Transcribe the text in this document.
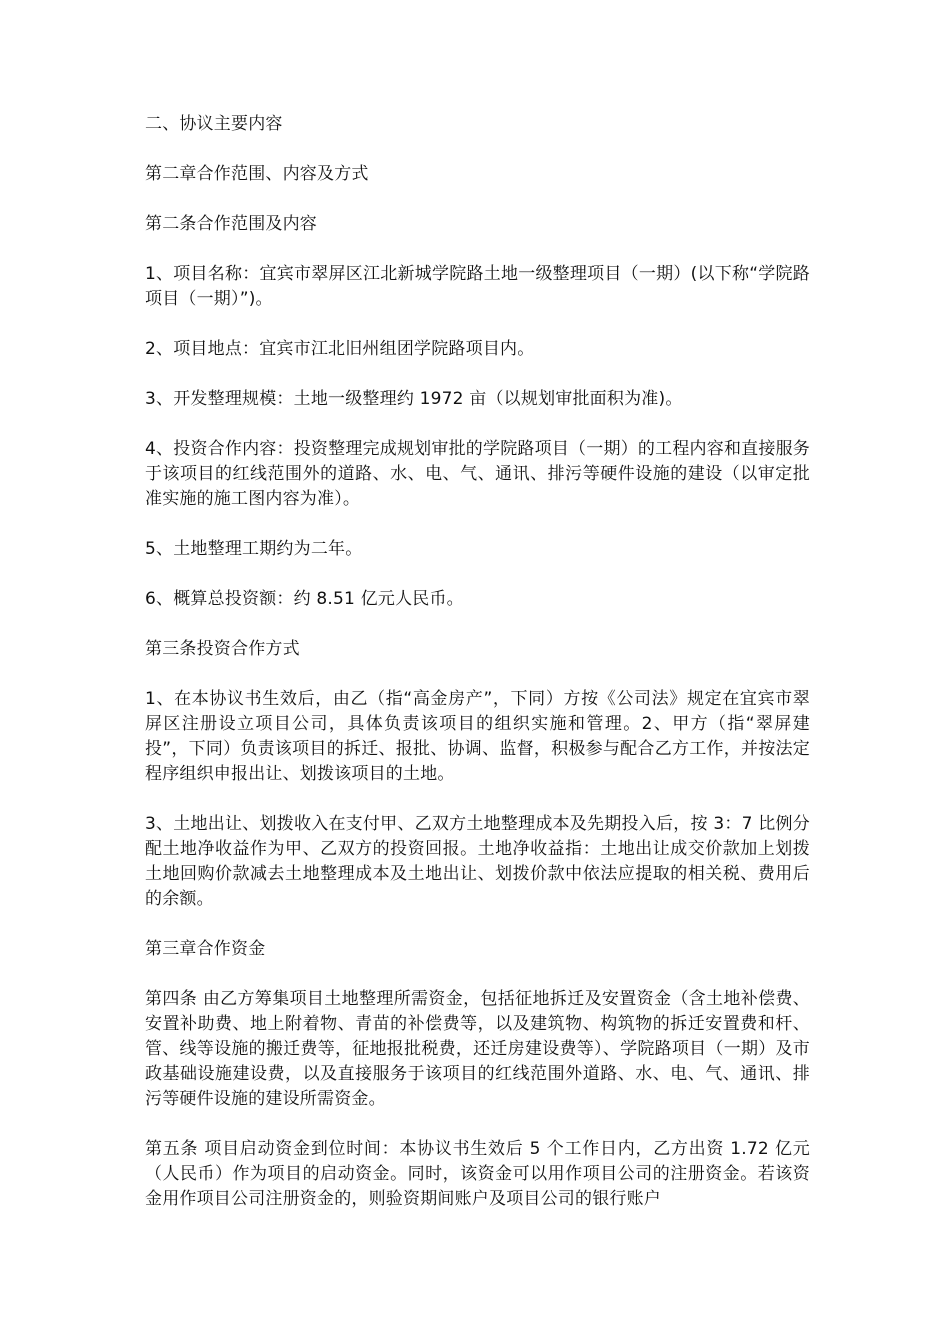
二、协议主要内容

第二章合作范围、内容及方式

第二条合作范围及内容

1、项目名称：宜宾市翠屏区江北新城学院路土地一级整理项目（一期）(以下称“学院路项目（一期）”)。

2、项目地点：宜宾市江北旧州组团学院路项目内。

3、开发整理规模：土地一级整理约 1972 亩（以规划审批面积为准)。

4、投资合作内容：投资整理完成规划审批的学院路项目（一期）的工程内容和直接服务于该项目的红线范围外的道路、水、电、气、通讯、排污等硬件设施的建设（以审定批准实施的施工图内容为准）。

5、土地整理工期约为二年。

6、概算总投资额：约 8.51 亿元人民币。

第三条投资合作方式

1、在本协议书生效后，由乙（指“高金房产”，下同）方按《公司法》规定在宜宾市翠屏区注册设立项目公司，具体负责该项目的组织实施和管理。2、甲方（指“翠屏建投”，下同）负责该项目的拆迁、报批、协调、监督，积极参与配合乙方工作，并按法定程序组织申报出让、划拨该项目的土地。

3、土地出让、划拨收入在支付甲、乙双方土地整理成本及先期投入后，按 3：7 比例分配土地净收益作为甲、乙双方的投资回报。土地净收益指：土地出让成交价款加上划拨土地回购价款减去土地整理成本及土地出让、划拨价款中依法应提取的相关税、费用后的余额。

第三章合作资金

第四条 由乙方筹集项目土地整理所需资金，包括征地拆迁及安置资金（含土地补偿费、安置补助费、地上附着物、青苗的补偿费等，以及建筑物、构筑物的拆迁安置费和杆、管、线等设施的搬迁费等，征地报批税费，还迁房建设费等）、学院路项目（一期）及市政基础设施建设费，以及直接服务于该项目的红线范围外道路、水、电、气、通讯、排污等硬件设施的建设所需资金。

第五条 项目启动资金到位时间：本协议书生效后 5 个工作日内，乙方出资 1.72 亿元（人民币）作为项目的启动资金。同时，该资金可以用作项目公司的注册资金。若该资金用作项目公司注册资金的，则验资期间账户及项目公司的银行账户
